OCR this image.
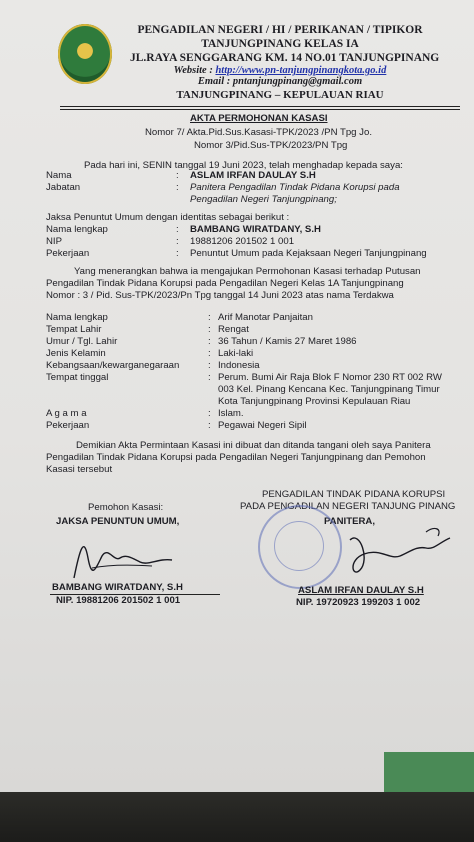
PENGADILAN NEGERI / HI / PERIKANAN / TIPIKOR
TANJUNGPINANG KELAS IA
JL.RAYA SENGGARANG KM. 14 NO.01 TANJUNGPINANG
Website : http://www.pn-tanjungpinangkota.go.id
Email : pntanjungpinang@gmail.com
TANJUNGPINANG – KEPULAUAN RIAU
AKTA PERMOHONAN KASASI
Nomor 7/ Akta.Pid.Sus.Kasasi-TPK/2023 /PN Tpg Jo.
Nomor 3/Pid.Sus-TPK/2023/PN Tpg
Pada hari ini, SENIN tanggal 19 Juni 2023, telah menghadap kepada saya:
Nama	: ASLAM IRFAN DAULAY S.H
Jabatan	: Panitera Pengadilan Tindak Pidana Korupsi pada
Pengadilan Negeri Tanjungpinang;
Jaksa Penuntut Umum dengan identitas sebagai berikut :
Nama lengkap	: BAMBANG WIRATDANY, S.H
NIP	: 19881206 201502 1 001
Pekerjaan	: Penuntut Umum pada Kejaksaan Negeri Tanjungpinang
Yang menerangkan bahwa ia mengajukan Permohonan Kasasi terhadap Putusan
Pengadilan Tindak Pidana Korupsi pada Pengadilan Negeri Kelas 1A Tanjungpinang
Nomor : 3 / Pid. Sus-TPK/2023/Pn Tpg tanggal 14 Juni 2023 atas nama Terdakwa
Nama lengkap	: Arif Manotar Panjaitan
Tempat Lahir	: Rengat
Umur / Tgl. Lahir	: 36 Tahun / Kamis 27 Maret 1986
Jenis Kelamin	: Laki-laki
Kebangsaan/kewarganegaraan	: Indonesia
Tempat tinggal	: Perum. Bumi Air Raja Blok F Nomor 230 RT 002 RW
003 Kel. Pinang Kencana Kec. Tanjungpinang Timur
Kota Tanjungpinang Provinsi Kepulauan Riau
A g a m a	: Islam.
Pekerjaan	: Pegawai Negeri Sipil
Demikian Akta Permintaan Kasasi ini dibuat dan ditanda tangani oleh saya Panitera
Pengadilan Tindak Pidana Korupsi pada Pengadilan Negeri Tanjungpinang dan Pemohon
Kasasi tersebut
Pemohon Kasasi:
JAKSA PENUNTUN UMUM,
BAMBANG WIRATDANY, S.H
NIP. 19881206 201502 1 001
PENGADILAN TINDAK PIDANA KORUPSI
PADA PENGADILAN NEGERI TANJUNG PINANG
PANITERA,
ASLAM IRFAN DAULAY S.H
NIP. 19720923 199203 1 002
